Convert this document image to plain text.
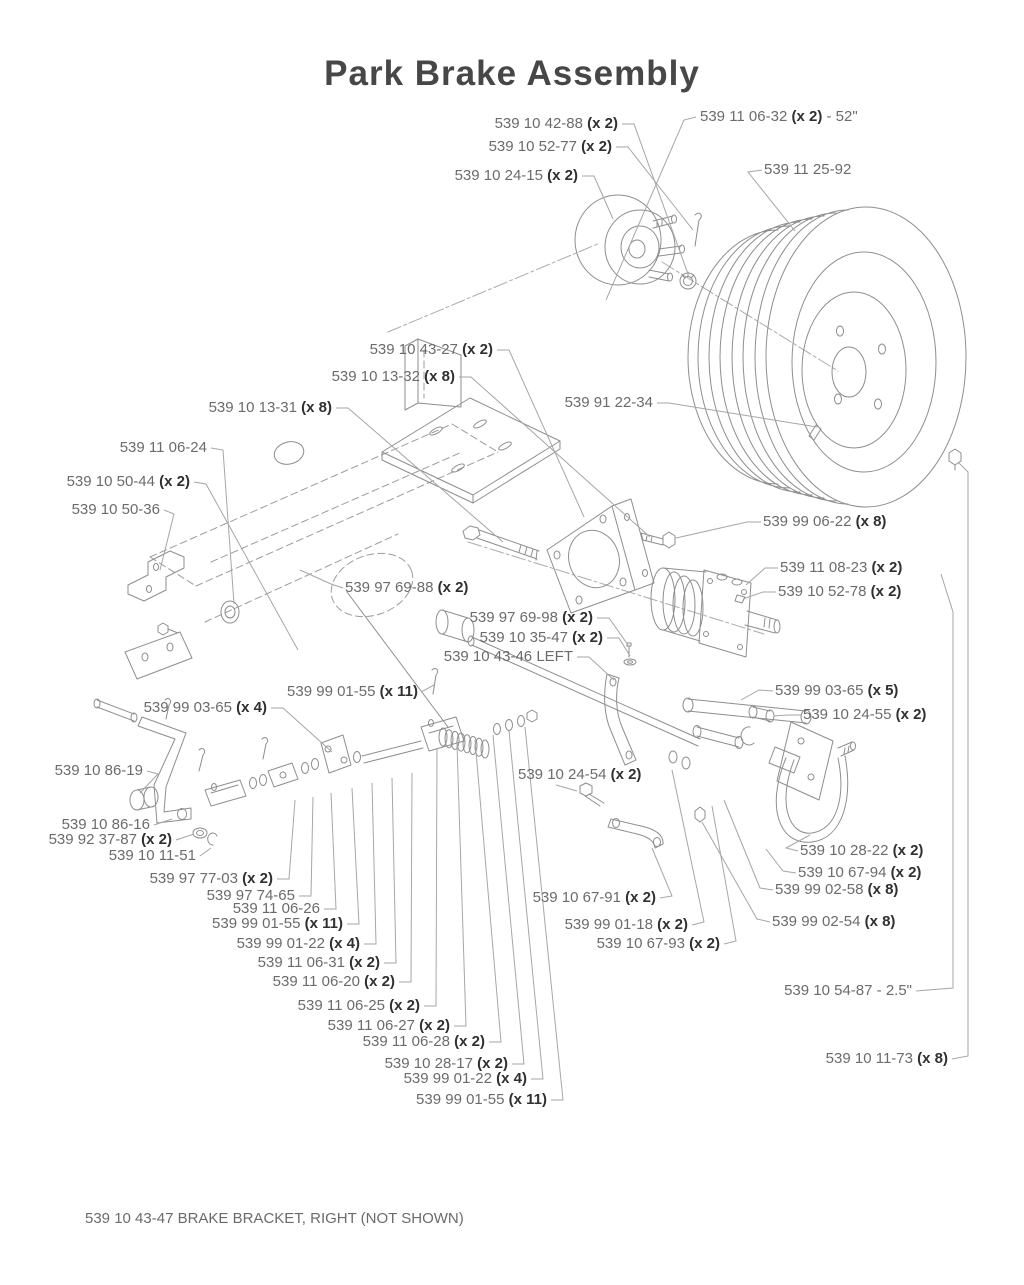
Park Brake Assembly
539 10 42-88 (x 2)
539 10 52-77 (x 2)
539 10 24-15 (x 2)
539 11 06-32 (x 2) - 52"
539 11 25-92
539 10 43-27 (x 2)
539 10 13-32 (x 8)
539 10 13-31 (x 8)
539 11 06-24
539 10 50-44 (x 2)
539 10 50-36
539 91 22-34
539 99 06-22 (x 8)
539 11 08-23 (x 2)
539 10 52-78 (x 2)
539 97 69-88 (x 2)
539 97 69-98 (x 2)
539 10 35-47 (x 2)
539 10 43-46 LEFT
539 99 01-55 (x 11)	539 99 03-65 (x 5)
539 10 24-55 (x 2)
539 99 03-65 (x 4)
539 10 86-19
539 10 86-16
539 92 37-87 (x 2)
539 10 11-51
539 10 24-54 (x 2)
539 97 77-03 (x 2)
539 97 74-65
539 11 06-26
539 99 01-55 (x 11)
539 99 01-22 (x 4)
539 11 06-31 (x 2)
539 11 06-20 (x 2)
539 11 06-25 (x 2)
539 11 06-27 (x 2)
539 11 06-28 (x 2)
539 10 28-17 (x 2)
539 99 01-22 (x 4)
539 99 01-55 (x 11)
539 10 67-91 (x 2)
539 99 01-18 (x 2)
539 10 67-93 (x 2)
539 10 28-22 (x 2)
539 10 67-94 (x 2)
539 99 02-58 (x 8)
539 99 02-54 (x 8)
539 10 54-87 - 2.5"
539 10 11-73 (x 8)
539 10 43-47 BRAKE BRACKET, RIGHT (NOT SHOWN)
